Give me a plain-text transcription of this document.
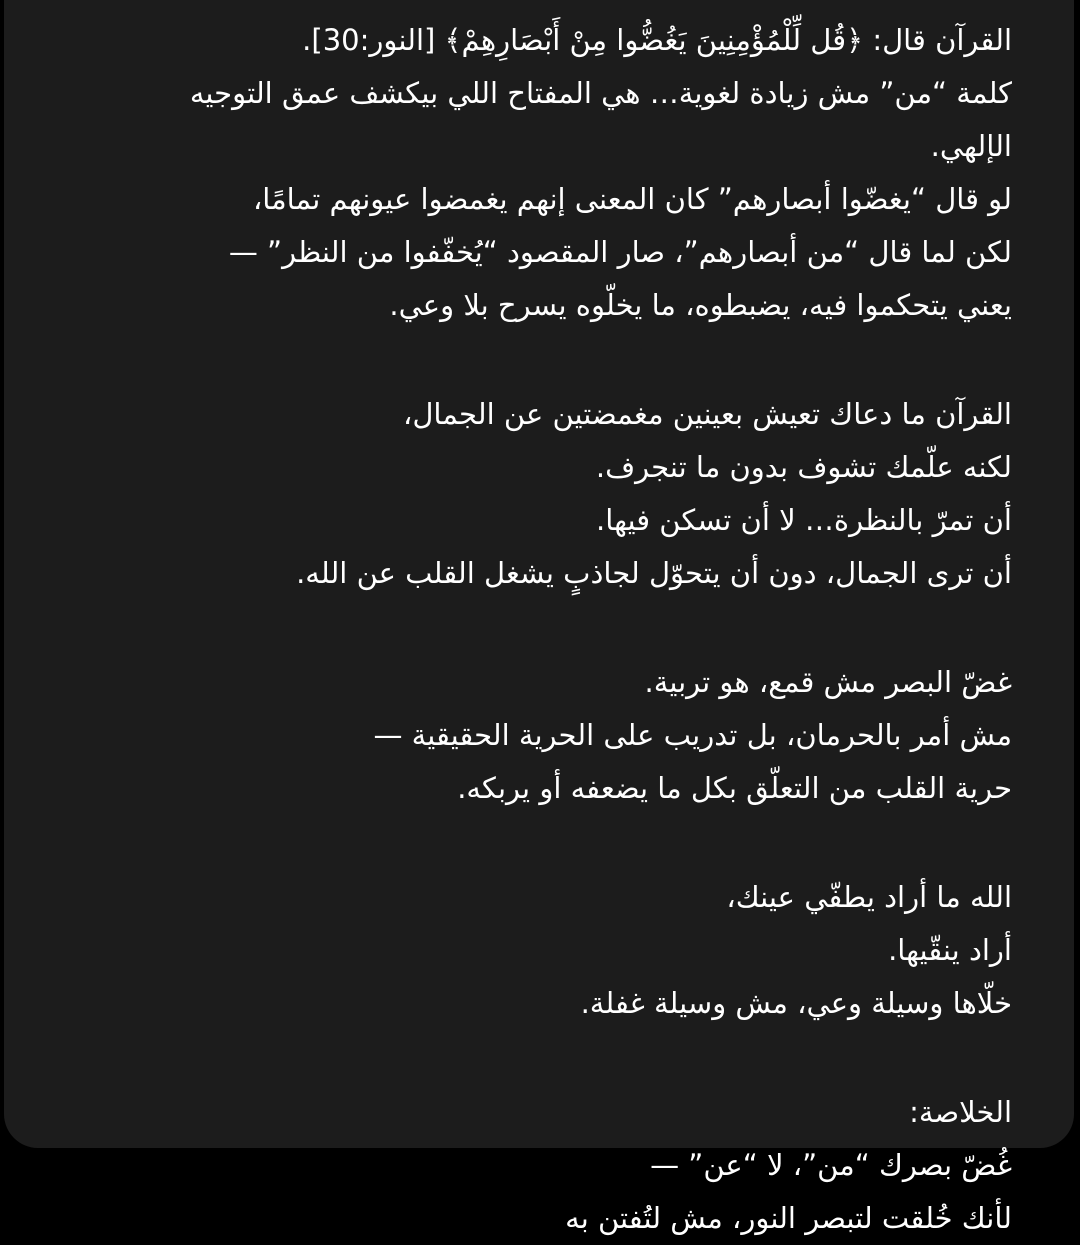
القرآن قال: ﴿قُل لِّلْمُؤْمِنِينَ يَغُضُّوا مِنْ أَبْصَارِهِمْ﴾ [النور:30].
كلمة “من” مش زيادة لغوية… هي المفتاح اللي بيكشف عمق التوجيه
الإلهي.
لو قال “يغضّوا أبصارهم” كان المعنى إنهم يغمضوا عيونهم تمامًا،
لكن لما قال “من أبصارهم”، صار المقصود “يُخفّفوا من النظر” —
يعني يتحكموا فيه، يضبطوه، ما يخلّوه يسرح بلا وعي.
القرآن ما دعاك تعيش بعينين مغمضتين عن الجمال،
لكنه علّمك تشوف بدون ما تنجرف.
أن تمرّ بالنظرة… لا أن تسكن فيها.
أن ترى الجمال، دون أن يتحوّل لجاذبٍ يشغل القلب عن الله.
غضّ البصر مش قمع، هو تربية.
مش أمر بالحرمان، بل تدريب على الحرية الحقيقية —
حرية القلب من التعلّق بكل ما يضعفه أو يربكه.
الله ما أراد يطفّي عينك،
أراد ينقّيها.
خلّاها وسيلة وعي، مش وسيلة غفلة.
الخلاصة:
غُضّ بصرك “من”، لا “عن” —
لأنك خُلقت لتبصر النور، مش لتُفتن به
